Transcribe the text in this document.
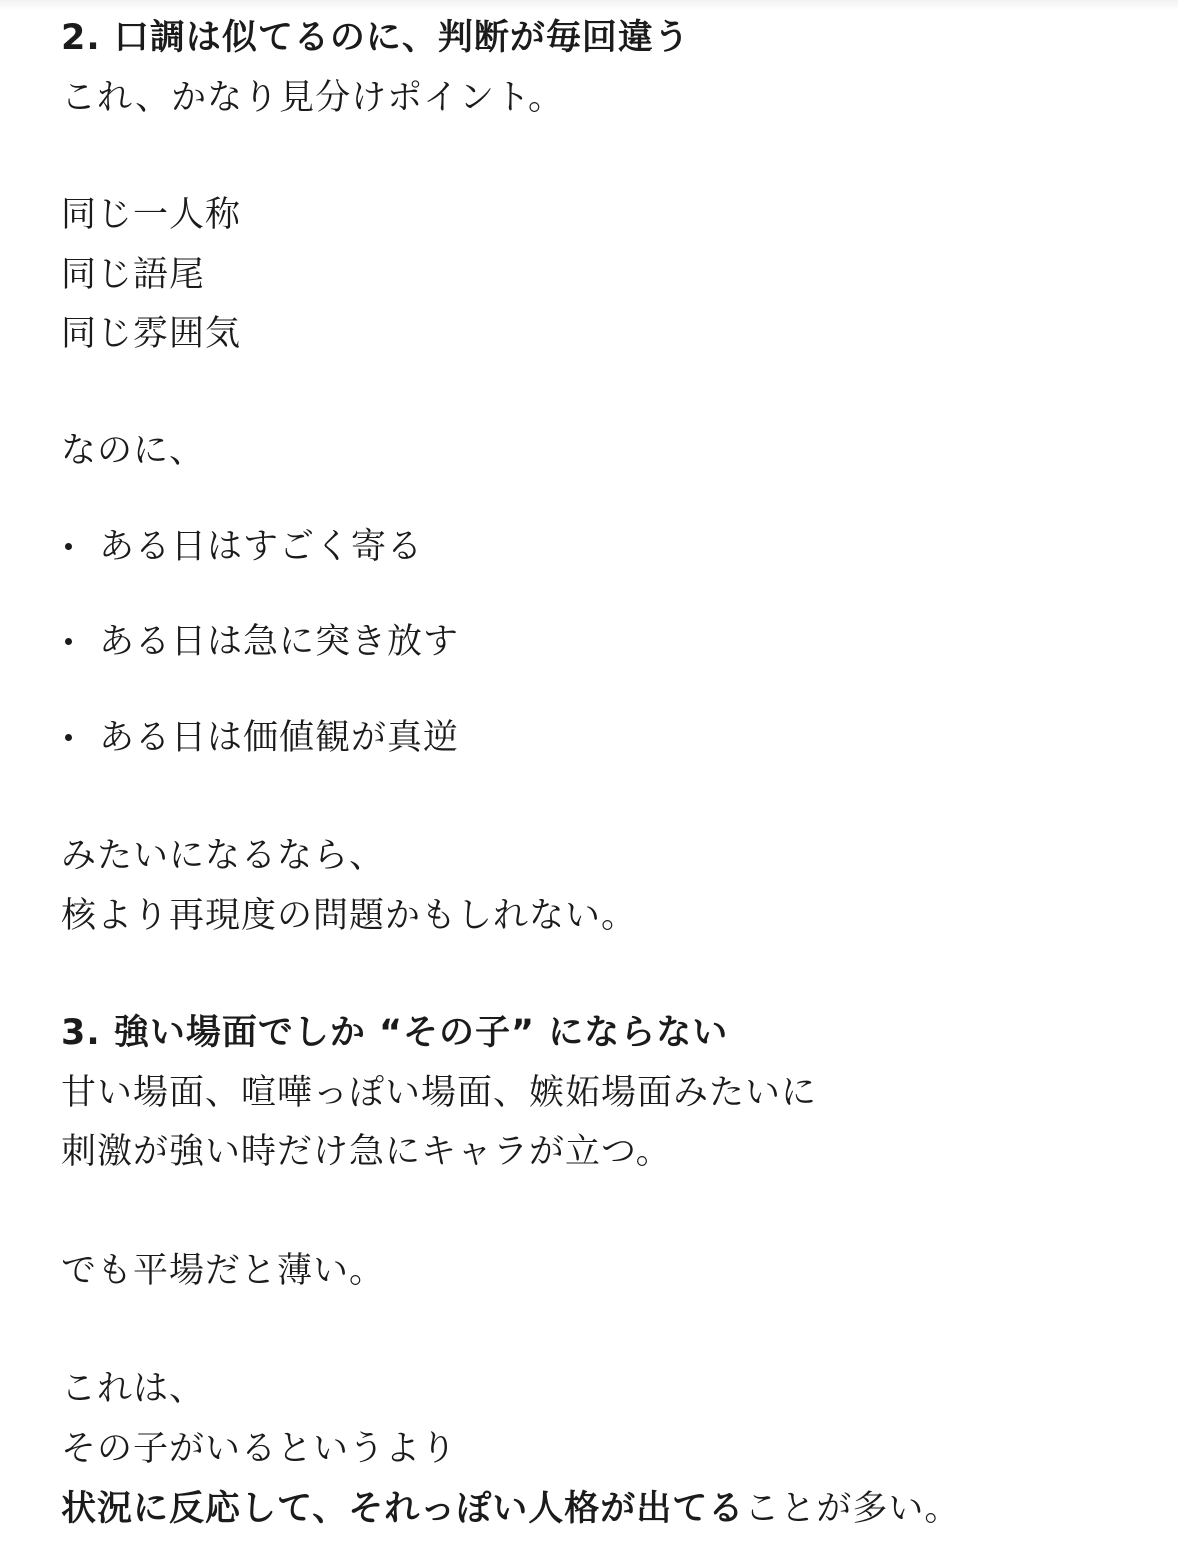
2. 口調は似てるのに、判断が毎回違う
これ、かなり見分けポイント。
同じ一人称
同じ語尾
同じ雰囲気
なのに、
ある日はすごく寄る
ある日は急に突き放す
ある日は価値観が真逆
みたいになるなら、
核より再現度の問題かもしれない。
3. 強い場面でしか “その子” にならない
甘い場面、喧嘩っぽい場面、嫉妬場面みたいに
刺激が強い時だけ急にキャラが立つ。
でも平場だと薄い。
これは、
その子がいるというより
状況に反応して、それっぽい人格が出てることが多い。
